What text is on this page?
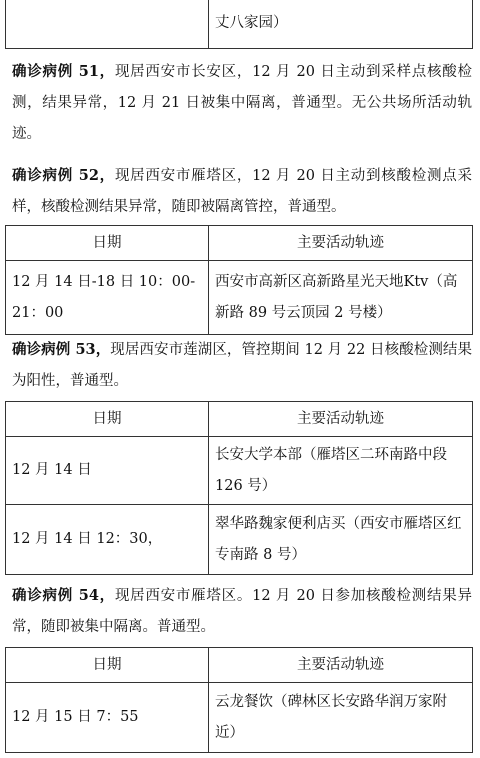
	丈八家园）
确诊病例 51，现居西安市长安区，12 月 20 日主动到采样点核酸检测，结果异常，12 月 21 日被集中隔离，普通型。无公共场所活动轨迹。
确诊病例 52，现居西安市雁塔区，12 月 20 日主动到核酸检测点采样，核酸检测结果异常，随即被隔离管控，普通型。
日期	主要活动轨迹
12 月 14 日-18 日 10：00-21：00	西安市高新区高新路星光天地Ktv（高新路 89 号云顶园 2 号楼）
确诊病例 53，现居西安市莲湖区，管控期间 12 月 22 日核酸检测结果为阳性，普通型。
日期	主要活动轨迹
12 月 14 日	长安大学本部（雁塔区二环南路中段 126 号）
12 月 14 日 12：30，	翠华路魏家便利店买（西安市雁塔区红专南路 8 号）
确诊病例 54，现居西安市雁塔区。12 月 20 日参加核酸检测结果异常，随即被集中隔离。普通型。
日期	主要活动轨迹
12 月 15 日 7：55	云龙餐饮（碑林区长安路华润万家附近）
